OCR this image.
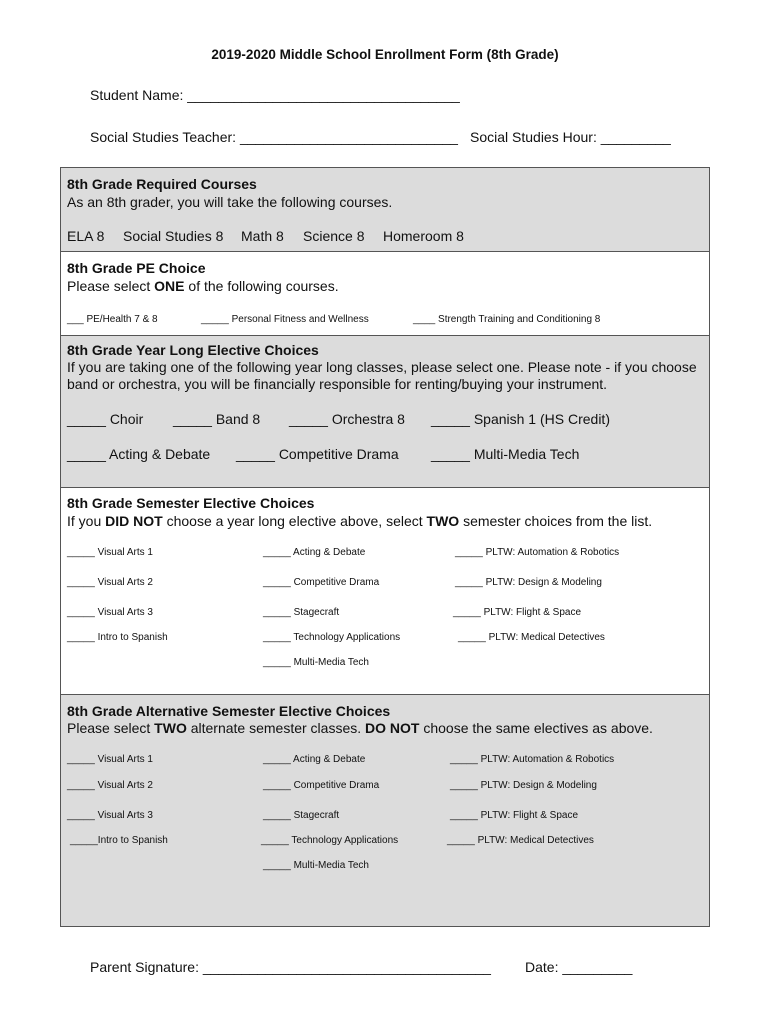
2019-2020 Middle School Enrollment Form (8th Grade)
Student Name: ___________________________________
Social Studies Teacher: ____________________________ Social Studies Hour: _________
8th Grade Required Courses
As an 8th grader, you will take the following courses.
ELA 8 Social Studies 8 Math 8 Science 8 Homeroom 8
8th Grade PE Choice
Please select ONE of the following courses.
___ PE/Health 7 & 8	_____ Personal Fitness and Wellness	____ Strength Training and Conditioning 8
8th Grade Year Long Elective Choices
If you are taking one of the following year long classes, please select one. Please note - if you choose
band or orchestra, you will be financially responsible for renting/buying your instrument.
_____ Choir _____ Band 8 _____ Orchestra 8 _____ Spanish 1 (HS Credit)
_____ Acting & Debate _____ Competitive Drama _____ Multi-Media Tech
8th Grade Semester Elective Choices
If you DID NOT choose a year long elective above, select TWO semester choices from the list.
_____ Visual Arts 1
_____ Visual Arts 2
_____ Visual Arts 3
_____ Intro to Spanish
_____ Acting & Debate
_____ Competitive Drama
_____ Stagecraft
_____ Technology Applications
_____ Multi-Media Tech
_____ PLTW: Automation & Robotics
_____ PLTW: Design & Modeling
_____ PLTW: Flight & Space
_____ PLTW: Medical Detectives
8th Grade Alternative Semester Elective Choices
Please select TWO alternate semester classes. DO NOT choose the same electives as above.
_____ Visual Arts 1
_____ Visual Arts 2
_____ Visual Arts 3
_____Intro to Spanish
_____ Acting & Debate
_____ Competitive Drama
_____ Stagecraft
_____ Technology Applications
_____ Multi-Media Tech
_____ PLTW: Automation & Robotics
_____ PLTW: Design & Modeling
_____ PLTW: Flight & Space
_____ PLTW: Medical Detectives
Parent Signature: _____________________________________ Date: _________
